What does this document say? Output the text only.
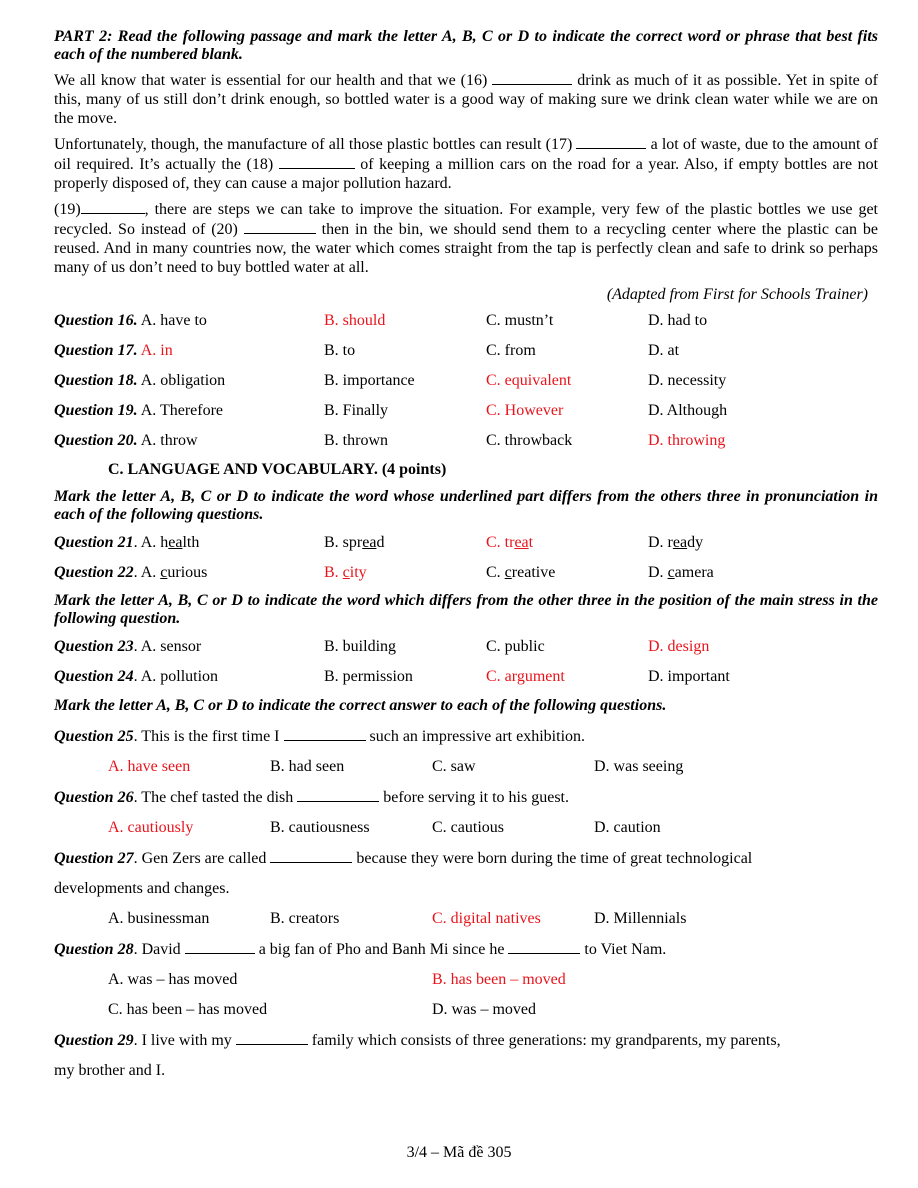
PART 2: Read the following passage and mark the letter A, B, C or D to indicate the correct word or phrase that best fits each of the numbered blank.

We all know that water is essential for our health and that we (16)	drink as much of it as possible. Yet in spite of this, many of us still don’t drink enough, so bottled water is a good way of making sure we drink clean water while we are on the move.

Unfortunately, though, the manufacture of all those plastic bottles can result (17)	a lot of waste, due to the amount of oil required. It’s actually the (18)	of keeping a million cars on the road for a year. Also, if empty bottles are not properly disposed of, they can cause a major pollution hazard.

(19)	, there are steps we can take to improve the situation. For example, very few of the plastic bottles we use get recycled. So instead of (20)	then in the bin, we should send them to a recycling center where the plastic can be reused. And in many countries now, the water which comes straight from the tap is perfectly clean and safe to drink so perhaps many of us don’t need to buy bottled water at all.

(Adapted from First for Schools Trainer)
Question 16. A. have to	B. should	C. mustn’t	D. had to
Question 17. A. in	B. to	C. from	D. at
Question 18. A. obligation	B. importance	C. equivalent	D. necessity
Question 19. A. Therefore	B. Finally	C. However	D. Although
Question 20. A. throw	B. thrown	C. throwback	D. throwing
C. LANGUAGE AND VOCABULARY. (4 points)

Mark the letter A, B, C or D to indicate the word whose underlined part differs from the others three in pronunciation in each of the following questions.

Question 21. A. health	B. spread	C. treat	D. ready
Question 22. A. curious	B. city	C. creative	D. camera

Mark the letter A, B, C or D to indicate the word which differs from the other three in the position of the main stress in the following question.

Question 23. A. sensor	B. building	C. public	D. design
Question 24. A. pollution	B. permission	C. argument	D. important

Mark the letter A, B, C or D to indicate the correct answer to each of the following questions.

Question 25. This is the first time I	such an impressive art exhibition.
A. have seen	B. had seen	C. saw	D. was seeing
Question 26. The chef tasted the dish	before serving it to his guest.
A. cautiously	B. cautiousness	C. cautious	D. caution
Question 27. Gen Zers are called	because they were born during the time of great technological
developments and changes.
A. businessman	B. creators	C. digital natives	D. Millennials
Question 28. David	a big fan of Pho and Banh Mi since he	to Viet Nam.
A. was – has moved	B. has been – moved
C. has been – has moved	D. was – moved
Question 29. I live with my	family which consists of three generations: my grandparents, my parents,
my brother and I.
3/4 – Mã đề 305
